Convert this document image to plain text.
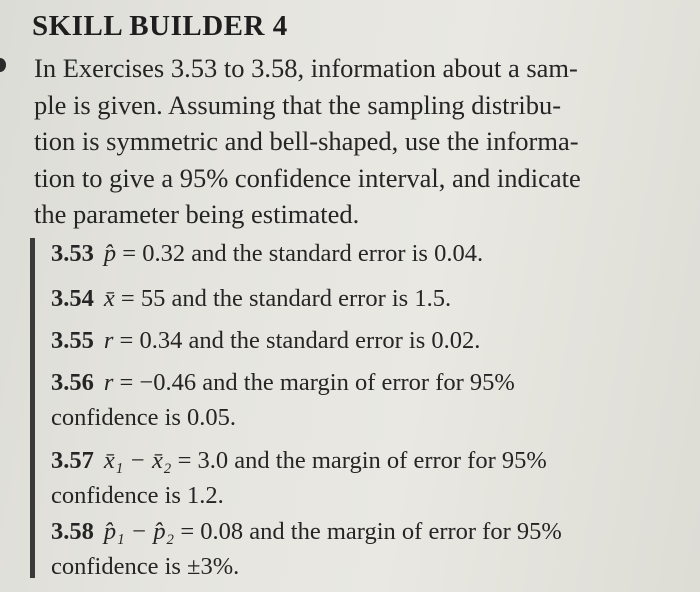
SKILL BUILDER 4
In Exercises 3.53 to 3.58, information about a sam-
ple is given. Assuming that the sampling distribu-
tion is symmetric and bell-shaped, use the informa-
tion to give a 95% confidence interval, and indicate
the parameter being estimated.
3.53 p̂ = 0.32 and the standard error is 0.04.
3.54 x̄ = 55 and the standard error is 1.5.
3.55 r = 0.34 and the standard error is 0.02.
3.56 r = −0.46 and the margin of error for 95%
confidence is 0.05.
3.57 x̄₁ − x̄₂ = 3.0 and the margin of error for 95%
confidence is 1.2.
3.58 p̂₁ − p̂₂ = 0.08 and the margin of error for 95%
confidence is ±3%.
